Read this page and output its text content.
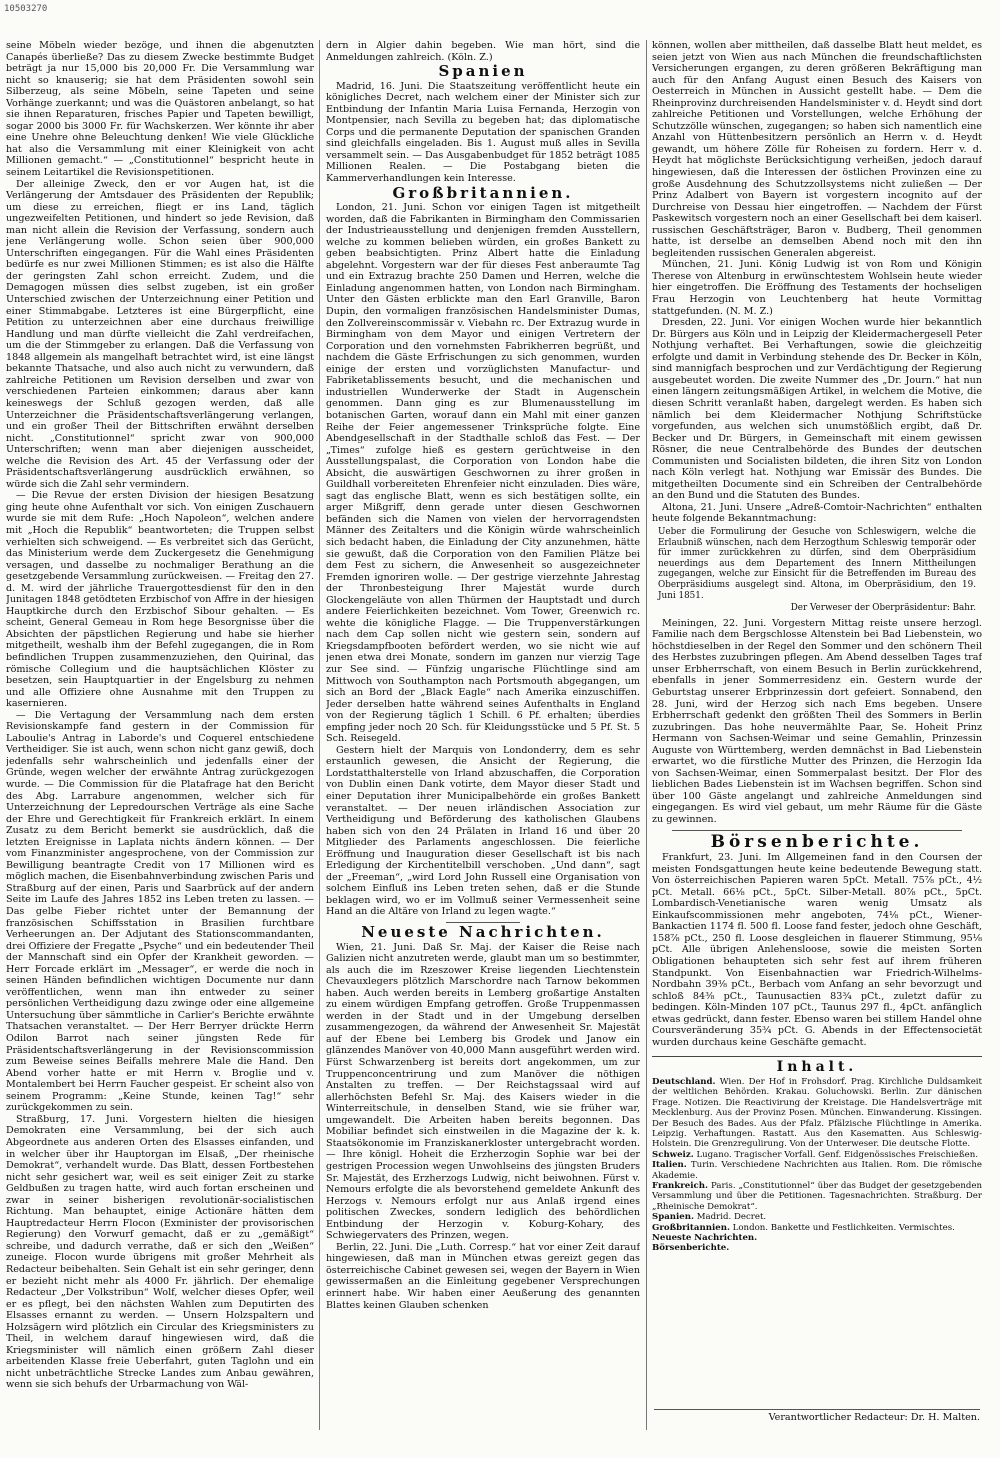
10503270

seine Möbeln wieder bezöge, und ihnen die abgenutzten Canapés überließe? Das zu diesem Zwecke bestimmte Budget beträgt ja nur 15,000 bis 20,000 Fr. Die Versammlung war nicht so knauserig; sie hat dem Präsidenten sowohl sein Silberzeug, als seine Möbeln, seine Tapeten und seine Vorhänge zuerkannt; und was die Quästoren anbelangt, so hat sie ihnen Reparaturen, frisches Papier und Tapeten bewilligt, sogar 2000 bis 3000 Fr. für Wachskerzen. Wer könnte ihr aber eine Unehre ohne Beleuchtung denken! Wie viele Glückliche hat also die Versammlung mit einer Kleinigkeit von acht Millionen gemacht.“ — „Constitutionnel“ bespricht heute in seinem Leitartikel die Revisionspetitionen.

Der alleinige Zweck, den er vor Augen hat, ist die Verlängerung der Amtsdauer des Präsidenten der Republik; um diese zu erreichen, fliegt er ins Land, täglich ungezweifelten Petitionen, und hindert so jede Revision, daß man nicht allein die Revision der Verfassung, sondern auch jene Verlängerung wolle. Schon seien über 900,000 Unterschriften eingegangen. Für die Wahl eines Präsidenten bedürfe es nur zwei Millionen Stimmen; es ist also die Hälfte der geringsten Zahl schon erreicht. Zudem, und die Demagogen müssen dies selbst zugeben, ist ein großer Unterschied zwischen der Unterzeichnung einer Petition und einer Stimmabgabe. Letzteres ist eine Bürgerpflicht, eine Petition zu unterzeichnen aber eine durchaus freiwillige Handlung und man dürfte vielleicht die Zahl verdreifachen, um die der Stimmgeber zu erlangen. Daß die Verfassung von 1848 allgemein als mangelhaft betrachtet wird, ist eine längst bekannte Thatsache, und also auch nicht zu verwundern, daß zahlreiche Petitionen um Revision derselben und zwar von verschiedenen Parteien einkommen; daraus aber kann keineswegs der Schluß gezogen werden, daß alle Unterzeichner die Präsidentschaftsverlängerung verlangen, und ein großer Theil der Bittschriften erwähnt derselben nicht. „Constitutionnel“ spricht zwar von 900,000 Unterschriften; wenn man aber diejenigen ausscheidet, welche die Revision des Art. 45 der Verfassung oder der Präsidentschaftsverlängerung ausdrücklich erwähnen, so würde sich die Zahl sehr vermindern.

— Die Revue der ersten Division der hiesigen Besatzung ging heute ohne Aufenthalt vor sich. Von einigen Zuschauern wurde sie mit dem Rufe: „Hoch Napoleon“, welchen andere mit „Hoch die Republik“ beantworteten; die Truppen selbst verhielten sich schweigend. — Es verbreitet sich das Gerücht, das Ministerium werde dem Zuckergesetz die Genehmigung versagen, und dasselbe zu nochmaliger Berathung an die gesetzgebende Versammlung zurückweisen. — Freitag den 27. d. M. wird der jährliche Trauergottesdienst für den in den Junitagen 1848 getödteten Erzbischof von Affre in der hiesigen Hauptkirche durch den Erzbischof Sibour gehalten. — Es scheint, General Gemeau in Rom hege Besorgnisse über die Absichten der päpstlichen Regierung und habe sie hierher mitgetheilt, weshalb ihm der Befehl zugegangen, die in Rom befindlichen Truppen zusammenzuziehen, den Quirinal, das römische Collegium und die hauptsächlichen Klöster zu besetzen, sein Hauptquartier in der Engelsburg zu nehmen und alle Offiziere ohne Ausnahme mit den Truppen zu kasernieren.

— Die Vertagung der Versammlung nach dem ersten Revisionskampfe fand gestern in der Commission für Laboulie's Antrag in Laborde's und Coquerel entschiedene Vertheidiger. Sie ist auch, wenn schon nicht ganz gewiß, doch jedenfalls sehr wahrscheinlich und jedenfalls einer der Gründe, wegen welcher der erwähnte Antrag zurückgezogen wurde. — Die Commission für die Platafrage hat den Bericht des Abg. Larrabure angenommen, welcher sich für Unterzeichnung der Lepredourschen Verträge als eine Sache der Ehre und Gerechtigkeit für Frankreich erklärt. In einem Zusatz zu dem Bericht bemerkt sie ausdrücklich, daß die letzten Ereignisse in Laplata nichts ändern können. — Der vom Finanzminister angesprochene, von der Commission zur Bewilligung beantragte Credit von 17 Millionen wird es möglich machen, die Eisenbahnverbindung zwischen Paris und Straßburg auf der einen, Paris und Saarbrück auf der andern Seite im Laufe des Jahres 1852 ins Leben treten zu lassen. — Das gelbe Fieber richtet unter der Bemannung der französischen Schiffsstation in Brasilien furchtbare Verheerungen an. Der Adjutant des Stationscommandanten, drei Offiziere der Fregatte „Psyche“ und ein bedeutender Theil der Mannschaft sind ein Opfer der Krankheit geworden. — Herr Forcade erklärt im „Messager“, er werde die noch in seinen Händen befindlichen wichtigen Documente nur dann veröffentlichen, wenn man ihn entweder zu seiner persönlichen Vertheidigung dazu zwinge oder eine allgemeine Untersuchung über sämmtliche in Carlier's Berichte erwähnte Thatsachen veranstaltet. — Der Herr Berryer drückte Herrn Odilon Barrot nach seiner jüngsten Rede für Präsidentschaftsverlängerung in der Revisionscommission zum Beweise seines Beifalls mehrere Male die Hand. Den Abend vorher hatte er mit Herrn v. Broglie und v. Montalembert bei Herrn Faucher gespeist. Er scheint also von seinem Programm: „Keine Stunde, keinen Tag!“ sehr zurückgekommen zu sein.

Straßburg, 17. Juni. Vorgestern hielten die hiesigen Demokraten eine Versammlung, bei der sich auch Abgeordnete aus anderen Orten des Elsasses einfanden, und in welcher über ihr Hauptorgan im Elsaß, „Der rheinische Demokrat“, verhandelt wurde. Das Blatt, dessen Fortbestehen nicht sehr gesichert war, weil es seit einiger Zeit zu starke Geldbußen zu tragen hatte, wird auch fortan erscheinen und zwar in seiner bisherigen revolutionär-socialistischen Richtung. Man behauptet, einige Actionäre hätten dem Hauptredacteur Herrn Flocon (Exminister der provisorischen Regierung) den Vorwurf gemacht, daß er zu „gemäßigt“ schreibe, und dadurch verrathe, daß er sich den „Weißen“ zuneige. Flocon wurde übrigens mit großer Mehrheit als Redacteur beibehalten. Sein Gehalt ist ein sehr geringer, denn er bezieht nicht mehr als 4000 Fr. jährlich. Der ehemalige Redacteur „Der Volkstribun“ Wolf, welcher dieses Opfer, weil er es pflegt, bei den nächsten Wahlen zum Deputirten des Elsasses ernannt zu werden. — Unsern Holzspaltern und Holzsägern wird plötzlich ein Circular des Kriegsministers zu Theil, in welchem darauf hingewiesen wird, daß die Kriegsminister will nämlich einen größern Zahl dieser arbeitenden Klasse freie Ueberfahrt, guten Taglohn und ein nicht unbeträchtliche Strecke Landes zum Anbau gewähren, wenn sie sich behufs der Urbarmachung von Wäl-

dern in Algier dahin begeben. Wie man hört, sind die Anmeldungen zahlreich. (Köln. Z.)

Spanien

Madrid, 16. Juni. Die Staatszeitung veröffentlicht heute ein königliches Decret, nach welchem einer der Minister sich zur Entbindung der Infantin Maria Luisa Fernanda, Herzogin von Montpensier, nach Sevilla zu begeben hat; das diplomatische Corps und die permanente Deputation der spanischen Granden sind gleichfalls eingeladen. Bis 1. August muß alles in Sevilla versammelt sein. — Das Ausgabenbudget für 1852 beträgt 1085 Millionen Realen. — Die Postabgang bieten die Kammerverhandlungen kein Interesse.

Großbritannien.

London, 21. Juni. Schon vor einigen Tagen ist mitgetheilt worden, daß die Fabrikanten in Birmingham den Commissarien der Industrieausstellung und denjenigen fremden Ausstellern, welche zu kommen belieben würden, ein großes Bankett zu geben beabsichtigten. Prinz Albert hatte die Einladung abgelehnt. Vorgestern war der für dieses Fest anberaumte Tag und ein Extrazug brachte 250 Damen und Herren, welche die Einladung angenommen hatten, von London nach Birmingham. Unter den Gästen erblickte man den Earl Granville, Baron Dupin, den vormaligen französischen Handelsminister Dumas, den Zollvereinscommissär v. Viebahn rc. Der Extrazug wurde in Birmingham von dem Mayor und einigen Vertretern der Corporation und den vornehmsten Fabrikherren begrüßt, und nachdem die Gäste Erfrischungen zu sich genommen, wurden einige der ersten und vorzüglichsten Manufactur- und Fabriketablissements besucht, und die mechanischen und industriellen Wunderwerke der Stadt in Augenschein genommen. Dann ging es zur Blumenausstellung im botanischen Garten, worauf dann ein Mahl mit einer ganzen Reihe der Feier angemessener Trinksprüche folgte. Eine Abendgesellschaft in der Stadthalle schloß das Fest. — Der „Times“ zufolge hieß es gestern gerüchtweise in den Ausstellungspalast, die Corporation von London habe die Absicht, die auswärtigen Geschwornen zu ihrer großen in Guildhall vorbereiteten Ehrenfeier nicht einzuladen. Dies wäre, sagt das englische Blatt, wenn es sich bestätigen sollte, ein arger Mißgriff, denn gerade unter diesen Geschwornen befänden sich die Namen von vielen der hervorragendsten Männer des Zeitalters und die Königin würde wahrscheinlich sich bedacht haben, die Einladung der City anzunehmen, hätte sie gewußt, daß die Corporation von den Familien Plätze bei dem Fest zu sichern, die Anwesenheit so ausgezeichneter Fremden ignoriren wolle. — Der gestrige vierzehnte Jahrestag der Thronbesteigung Ihrer Majestät wurde durch Glockengeläute von allen Thürmen der Hauptstadt und durch andere Feierlichkeiten bezeichnet. Vom Tower, Greenwich rc. wehte die königliche Flagge. — Die Truppenverstärkungen nach dem Cap sollen nicht wie gestern sein, sondern auf Kriegsdampfbooten befördert werden, wo sie nicht wie auf jenen etwa drei Monate, sondern im ganzen nur vierzig Tage zur See sind. — Fünfzig ungarische Flüchtlinge sind am Mittwoch von Southampton nach Portsmouth abgegangen, um sich an Bord der „Black Eagle“ nach Amerika einzuschiffen. Jeder derselben hatte während seines Aufenthalts in England von der Regierung täglich 1 Schill. 6 Pf. erhalten; überdies empfing jeder noch 20 Sch. für Kleidungsstücke und 5 Pf. St. 5 Sch. Reisegeld.

Gestern hielt der Marquis von Londonderry, dem es sehr erstaunlich gewesen, die Ansicht der Regierung, die Lordstatthalterstelle von Irland abzuschaffen, die Corporation von Dublin einen Dank votirte, dem Mayor dieser Stadt und einer Deputation ihrer Municipalbehörde ein großes Bankett veranstaltet. — Der neuen irländischen Association zur Vertheidigung und Beförderung des katholischen Glaubens haben sich von den 24 Prälaten in Irland 16 und über 20 Mitglieder des Parlaments angeschlossen. Die feierliche Eröffnung und Inauguration dieser Gesellschaft ist bis nach Erledigung der Kirchentitelbill verschoben. „Und dann“, sagt der „Freeman“, „wird Lord John Russell eine Organisation von solchem Einfluß ins Leben treten sehen, daß er die Stunde beklagen wird, wo er im Vollmuß seiner Vermessenheit seine Hand an die Altäre von Irland zu legen wagte.“

Neueste Nachrichten.

Wien, 21. Juni. Daß Sr. Maj. der Kaiser die Reise nach Galizien nicht anzutreten werde, glaubt man um so bestimmter, als auch die im Rzeszower Kreise liegenden Liechtenstein Chevauxlegers plötzlich Marschordre nach Tarnow bekommen haben. Auch werden bereits in Lemberg großartige Anstalten zu einem würdigen Empfang getroffen. Große Truppenmassen werden in der Stadt und in der Umgebung derselben zusammengezogen, da während der Anwesenheit Sr. Majestät auf der Ebene bei Lemberg bis Grodek und Janow ein glänzendes Manöver von 40,000 Mann ausgeführt werden wird. Fürst Schwarzenberg ist bereits dort angekommen, um zur Truppenconcentrirung und zum Manöver die nöthigen Anstalten zu treffen. — Der Reichstagssaal wird auf allerhöchsten Befehl Sr. Maj. des Kaisers wieder in die Winterreitschule, in denselben Stand, wie sie früher war, umgewandelt. Die Arbeiten haben bereits begonnen. Das Mobiliar befindet sich einstweilen in die Magazine der k. k. Staatsökonomie im Franziskanerkloster untergebracht worden. — Ihre königl. Hoheit die Erzherzogin Sophie war bei der gestrigen Procession wegen Unwohlseins des jüngsten Bruders Sr. Majestät, des Erzherzogs Ludwig, nicht beiwohnen. Fürst v. Nemours erfolgte die als bevorstehend gemeldete Ankunft des Herzogs v. Nemours erfolgt nur aus Anlaß irgend eines politischen Zweckes, sondern lediglich des behördlichen Entbindung der Herzogin v. Koburg-Kohary, des Schwiegervaters des Prinzen, wegen.

Berlin, 22. Juni. Die „Luth. Corresp.“ hat vor einer Zeit darauf hingewiesen, daß man in München etwas gereizt gegen das österreichische Cabinet gewesen sei, wegen der Bayern in Wien gewissermaßen an die Einleitung gegebener Versprechungen erinnert habe. Wir haben einer Aeußerung des genannten Blattes keinen Glauben schenken

können, wollen aber mittheilen, daß dasselbe Blatt heut meldet, es seien jetzt von Wien aus nach München die freundschaftlichsten Versicherungen ergangen, zu deren größeren Bekräftigung man auch für den Anfang August einen Besuch des Kaisers von Oesterreich in München in Aussicht gestellt habe. — Dem die Rheinprovinz durchreisenden Handelsminister v. d. Heydt sind dort zahlreiche Petitionen und Vorstellungen, welche Erhöhung der Schutzzölle wünschen, zugegangen; so haben sich namentlich eine Anzahl von Hüttenbesitzern persönlich an Herrn v. d. Heydt gewandt, um höhere Zölle für Roheisen zu fordern. Herr v. d. Heydt hat möglichste Berücksichtigung verheißen, jedoch darauf hingewiesen, daß die Interessen der östlichen Provinzen eine zu große Ausdehnung des Schutzzollsystems nicht zuließen — Der Prinz Adalbert von Bayern ist vorgestern incognito auf der Durchreise von Dessau hier eingetroffen. — Nachdem der Fürst Paskewitsch vorgestern noch an einer Gesellschaft bei dem kaiserl. russischen Geschäftsträger, Baron v. Budberg, Theil genommen hatte, ist derselbe an demselben Abend noch mit den ihn begleitenden russischen Generalen abgereist.

München, 21. Juni. König Ludwig ist von Rom und Königin Therese von Altenburg in erwünschtestem Wohlsein heute wieder hier eingetroffen. Die Eröffnung des Testaments der hochseligen Frau Herzogin von Leuchtenberg hat heute Vormittag stattgefunden. (N. M. Z.)

Dresden, 22. Juni. Vor einigen Wochen wurde hier bekanntlich Dr. Bürgers aus Köln und in Leipzig der Kleidermachergesell Peter Nothjung verhaftet. Bei Verhaftungen, sowie die gleichzeitig erfolgte und damit in Verbindung stehende des Dr. Becker in Köln, sind mannigfach besprochen und zur Verdächtigung der Regierung ausgebeutet worden. Die zweite Nummer des „Dr. Journ.“ hat nun einen längern zeitungsmäßigen Artikel, in welchem die Motive, die diesen Schritt veranlaßt haben, dargelegt werden. Es haben sich nämlich bei dem Kleidermacher Nothjung Schriftstücke vorgefunden, aus welchen sich unumstößlich ergibt, daß Dr. Becker und Dr. Bürgers, in Gemeinschaft mit einem gewissen Rösner, die neue Centralbehörde des Bundes der deutschen Communisten und Socialisten bildeten, die ihren Sitz von London nach Köln verlegt hat. Nothjung war Emissär des Bundes. Die mitgetheilten Documente sind ein Schreiben der Centralbehörde an den Bund und die Statuten des Bundes.

Altona, 21. Juni. Unsere „Adreß-Comtoir-Nachrichten“ enthalten heute folgende Bekanntmachung:

Ueber die Formulirung der Gesuche von Schleswigern, welche die Erlaubniß wünschen, nach dem Herzogthum Schleswig temporär oder für immer zurückkehren zu dürfen, sind dem Oberpräsidium neuerdings aus dem Departement des Innern Mittheilungen zugegangen, welche zur Einsicht für die Betreffenden im Bureau des Oberpräsidiums ausgelegt sind. Altona, im Oberpräsidium, den 19. Juni 1851.
Der Verweser der Oberpräsidentur: Bahr.

Meiningen, 22. Juni. Vorgestern Mittag reiste unsere herzogl. Familie nach dem Bergschlosse Altenstein bei Bad Liebenstein, wo höchstdieselben in der Regel den Sommer und den schönern Theil des Herbstes zuzubringen pflegen. Am Abend desselben Tages traf unser Erbherrschaft, von einem Besuch in Berlin zurückkehrend, ebenfalls in jener Sommerresidenz ein. Gestern wurde der Geburtstag unserer Erbprinzessin dort gefeiert. Sonnabend, den 28. Juni, wird der Herzog sich nach Ems begeben. Unsere Erbherrschaft gedenkt den größten Theil des Sommers in Berlin zuzubringen. Das hohe neuvermählte Paar, Se. Hoheit Prinz Hermann von Sachsen-Weimar und seine Gemahlin, Prinzessin Auguste von Württemberg, werden demnächst in Bad Liebenstein erwartet, wo die fürstliche Mutter des Prinzen, die Herzogin Ida von Sachsen-Weimar, einen Sommerpalast besitzt. Der Flor des lieblichen Bades Liebenstein ist im Wachsen begriffen. Schon sind über 100 Gäste angelangt und zahlreiche Anmeldungen sind eingegangen. Es wird viel gebaut, um mehr Räume für die Gäste zu gewinnen.

Börsenberichte.

Frankfurt, 23. Juni. Im Allgemeinen fand in den Coursen der meisten Fondsgattungen heute keine bedeutende Bewegung statt. Von österreichischen Papieren waren 5pCt. Metall. 75⅞ pCt., 4½ pCt. Metall. 66⅛ pCt., 5pCt. Silber-Metall. 80⅞ pCt., 5pCt. Lombardisch-Venetianische waren wenig Umsatz als Einkaufscommissionen mehr angeboten, 74⅛ pCt., Wiener-Bankactien 1174 fl. 500 fl. Loose fand fester, jedoch ohne Geschäft, 158⅞ pCt., 250 fl. Loose desgleichen in flauerer Stimmung, 95⅛ pCt. Alle übrigen Anlehensloose, sowie die meisten Sorten Obligationen behaupteten sich sehr fest auf ihrem früheren Standpunkt. Von Eisenbahnactien war Friedrich-Wilhelms-Nordbahn 39⅜ pCt., Berbach vom Anfang an sehr bevorzugt und schloß 84⅜ pCt., Taunusactien 83¾ pCt., zuletzt dafür zu bedingen. Köln-Minden 107 pCt., Taunus 297 fl., 4pCt. anfänglich etwas gedrückt, dann fester. Ebenso waren bei stillem Handel ohne Coursveränderung 35¾ pCt. G. Abends in der Effectensocietät wurden durchaus keine Geschäfte gemacht.

Inhalt.
Deutschland. Wien. Der Hof in Frohsdorf. Prag. Kirchliche Duldsamkeit der weltlichen Behörden. Krakau. Goluchowski. Berlin. Zur dänischen Frage. Notizen. Die Reactivirung der Kreistage. Die Handelsverträge mit Mecklenburg. Aus der Provinz Posen. München. Einwanderung. Kissingen. Der Besuch des Bades. Aus der Pfalz. Pfälzische Flüchtlinge in Amerika. Leipzig. Verhaftungen. Rastatt. Aus den Kasematten. Aus Schleswig-Holstein. Die Grenzregulirung. Von der Unterweser. Die deutsche Flotte.
Schweiz. Lugano. Tragischer Vorfall. Genf. Eidgenössisches Freischießen.
Italien. Turin. Verschiedene Nachrichten aus Italien. Rom. Die römische Akademie.
Frankreich. Paris. „Constitutionnel“ über das Budget der gesetzgebenden Versammlung und über die Petitionen. Tagesnachrichten. Straßburg. Der „Rheinische Demokrat“.
Spanien. Madrid. Decret.
Großbritannien. London. Bankette und Festlichkeiten. Vermischtes.
Neueste Nachrichten.
Börsenberichte.
Verantwortlicher Redacteur: Dr. H. Malten.
